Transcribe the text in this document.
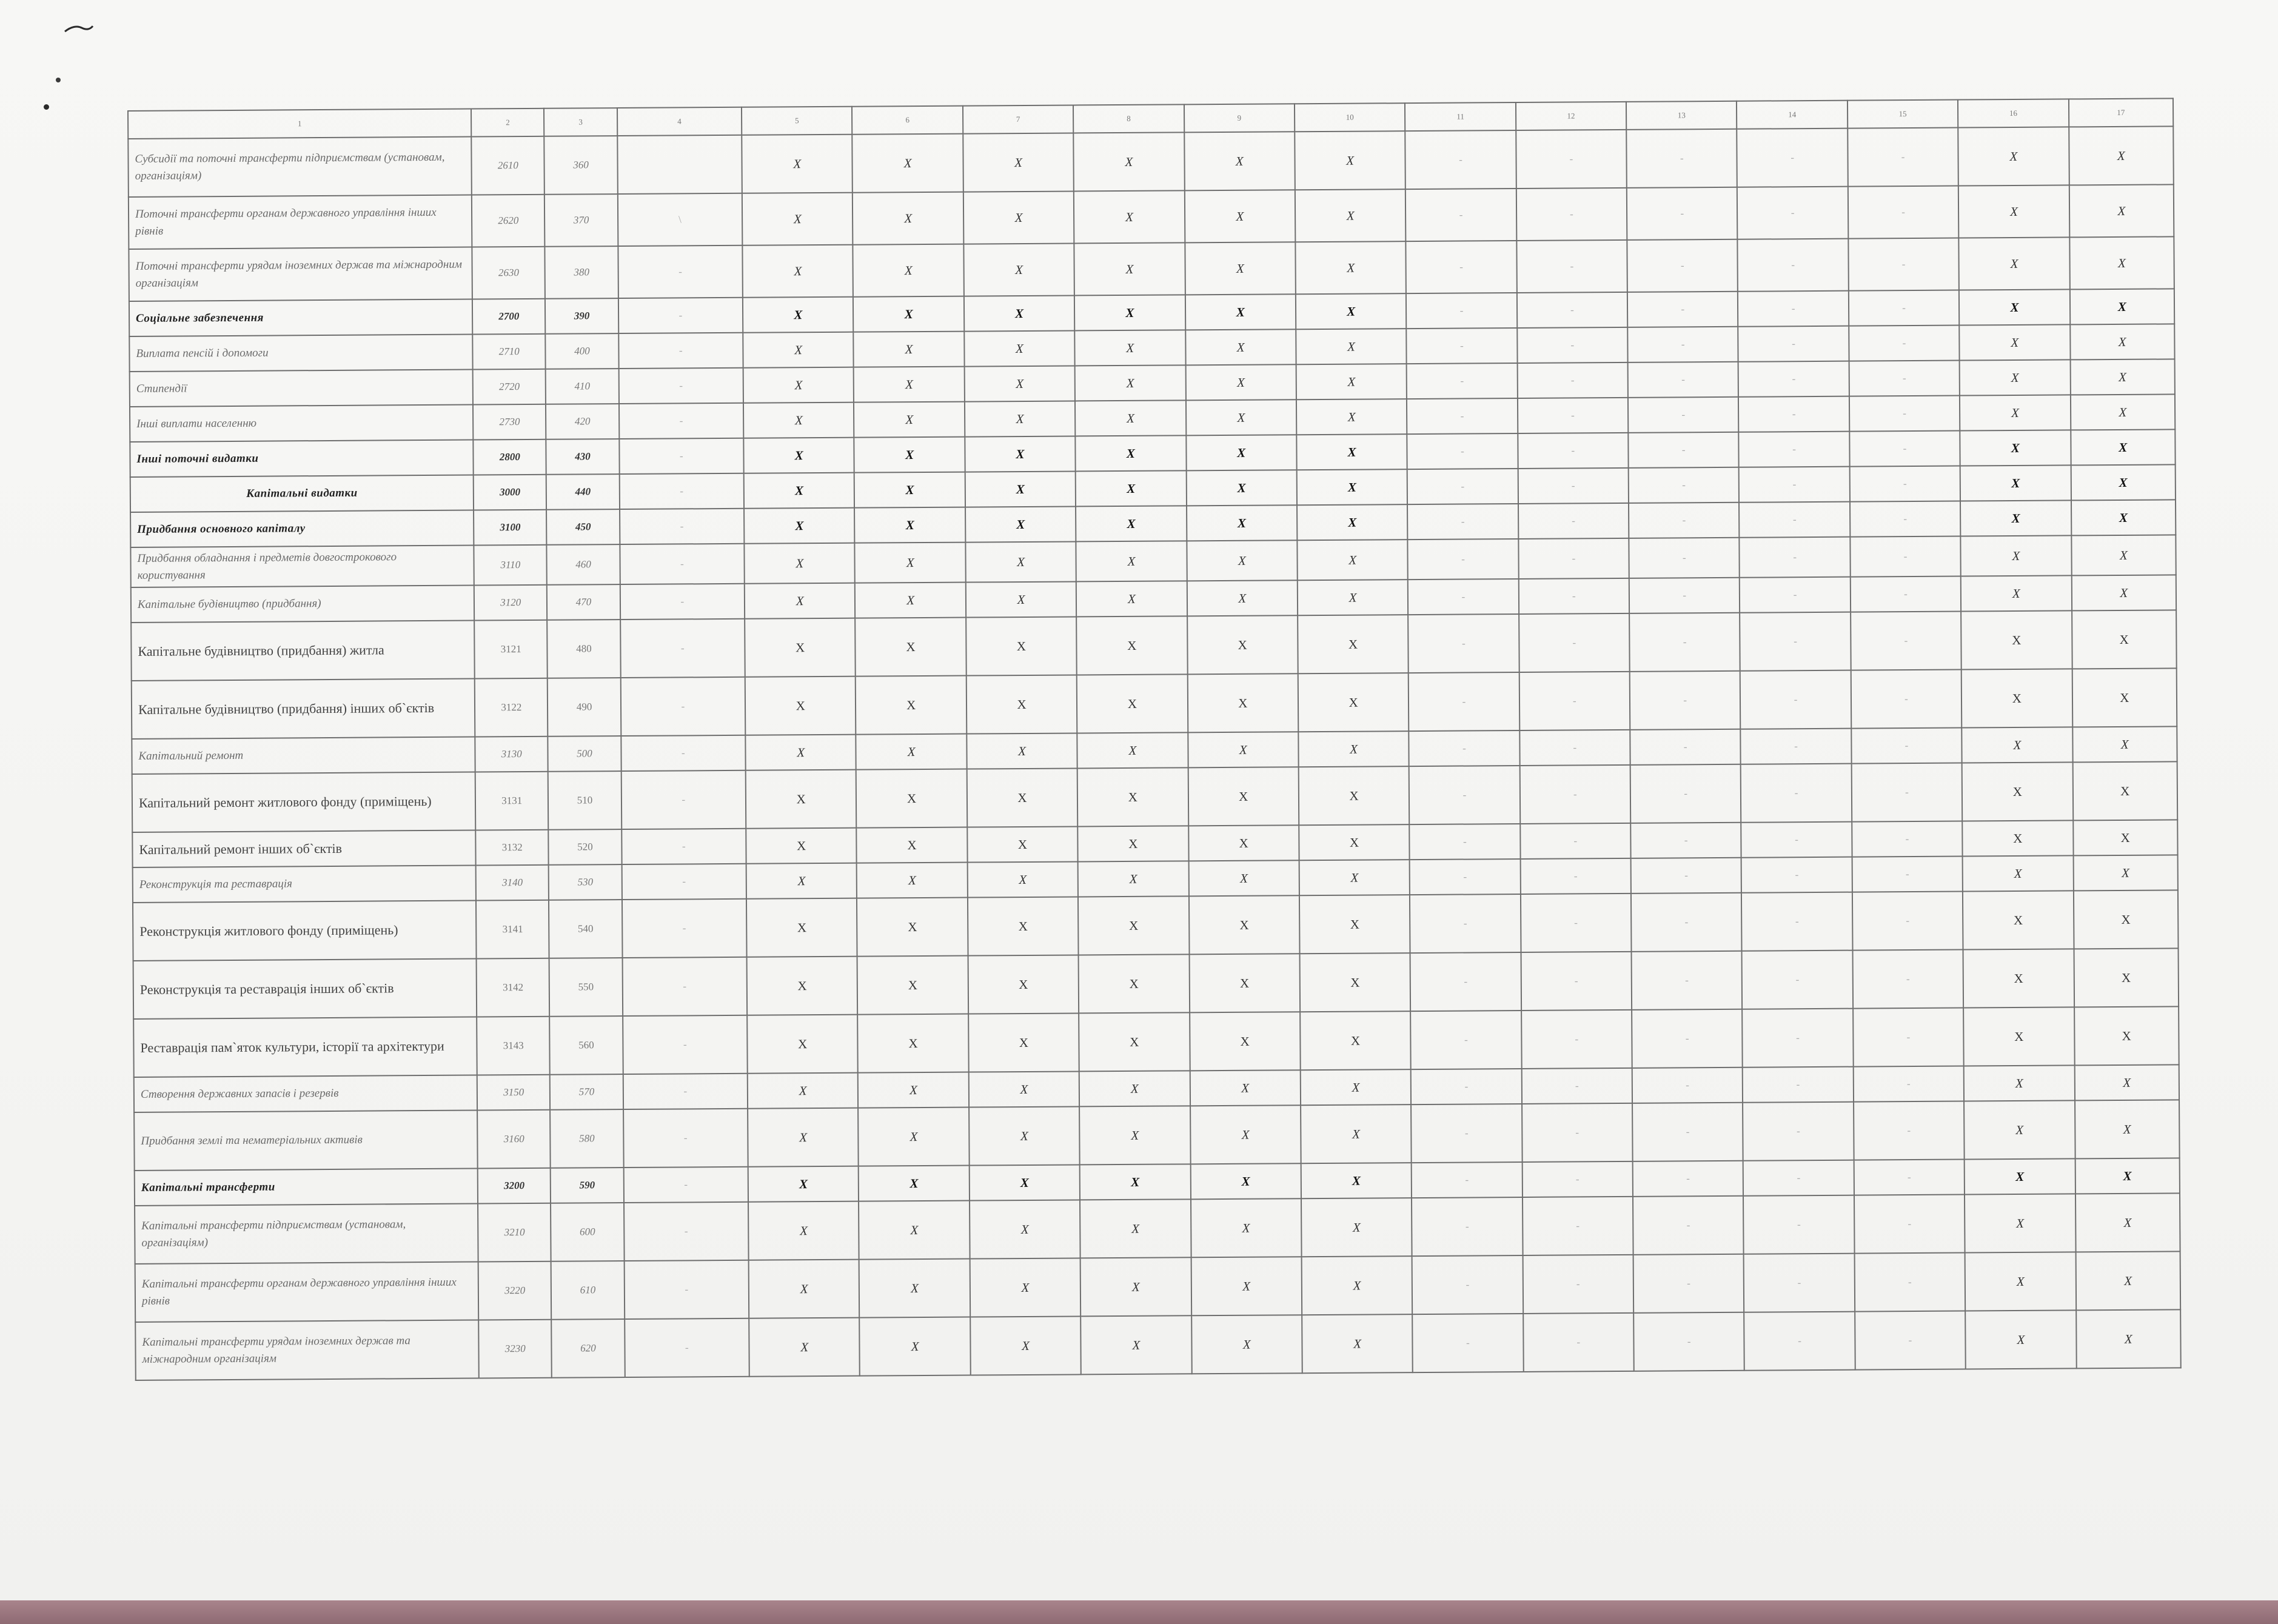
1	2	3	4	5	6	7	8	9	10	11	12	13	14	15	16	17
Субсидії та поточні трансферти підприємствам (установам, організаціям)	2610	360		X	X	X	X	X	X	-	-	-	-	-	X	X
Поточні трансферти органам державного управління інших рівнів	2620	370	\	X	X	X	X	X	X	-	-	-	-	-	X	X
Поточні трансферти урядам іноземних держав та міжнародним організаціям	2630	380	-	X	X	X	X	X	X	-	-	-	-	-	X	X
Соціальне забезпечення	2700	390	-	X	X	X	X	X	X	-	-	-	-	-	X	X
Виплата пенсій і допомоги	2710	400	-	X	X	X	X	X	X	-	-	-	-	-	X	X
Стипендії	2720	410	-	X	X	X	X	X	X	-	-	-	-	-	X	X
Інші виплати населенню	2730	420	-	X	X	X	X	X	X	-	-	-	-	-	X	X
Інші поточні видатки	2800	430	-	X	X	X	X	X	X	-	-	-	-	-	X	X
Капітальні видатки	3000	440	-	X	X	X	X	X	X	-	-	-	-	-	X	X
Придбання основного капіталу	3100	450	-	X	X	X	X	X	X	-	-	-	-	-	X	X
Придбання обладнання і предметів довгострокового користування	3110	460	-	X	X	X	X	X	X	-	-	-	-	-	X	X
Капітальне будівництво (придбання)	3120	470	-	X	X	X	X	X	X	-	-	-	-	-	X	X
Капітальне будівництво (придбання) житла	3121	480	-	X	X	X	X	X	X	-	-	-	-	-	X	X
Капітальне будівництво (придбання) інших об`єктів	3122	490	-	X	X	X	X	X	X	-	-	-	-	-	X	X
Капітальний ремонт	3130	500	-	X	X	X	X	X	X	-	-	-	-	-	X	X
Капітальний ремонт житлового фонду (приміщень)	3131	510	-	X	X	X	X	X	X	-	-	-	-	-	X	X
Капітальний ремонт інших об`єктів	3132	520	-	X	X	X	X	X	X	-	-	-	-	-	X	X
Реконструкція та реставрація	3140	530	-	X	X	X	X	X	X	-	-	-	-	-	X	X
Реконструкція житлового фонду (приміщень)	3141	540	-	X	X	X	X	X	X	-	-	-	-	-	X	X
Реконструкція та реставрація інших об`єктів	3142	550	-	X	X	X	X	X	X	-	-	-	-	-	X	X
Реставрація пам`яток культури, історії та архітектури	3143	560	-	X	X	X	X	X	X	-	-	-	-	-	X	X
Створення державних запасів і резервів	3150	570	-	X	X	X	X	X	X	-	-	-	-	-	X	X
Придбання землі та нематеріальних активів	3160	580	-	X	X	X	X	X	X	-	-	-	-	-	X	X
Капітальні трансферти	3200	590	-	X	X	X	X	X	X	-	-	-	-	-	X	X
Капітальні трансферти підприємствам (установам, організаціям)	3210	600	-	X	X	X	X	X	X	-	-	-	-	-	X	X
Капітальні трансферти органам державного управління інших рівнів	3220	610	-	X	X	X	X	X	X	-	-	-	-	-	X	X
Капітальні трансферти урядам іноземних держав та міжнародним організаціям	3230	620	-	X	X	X	X	X	X	-	-	-	-	-	X	X
